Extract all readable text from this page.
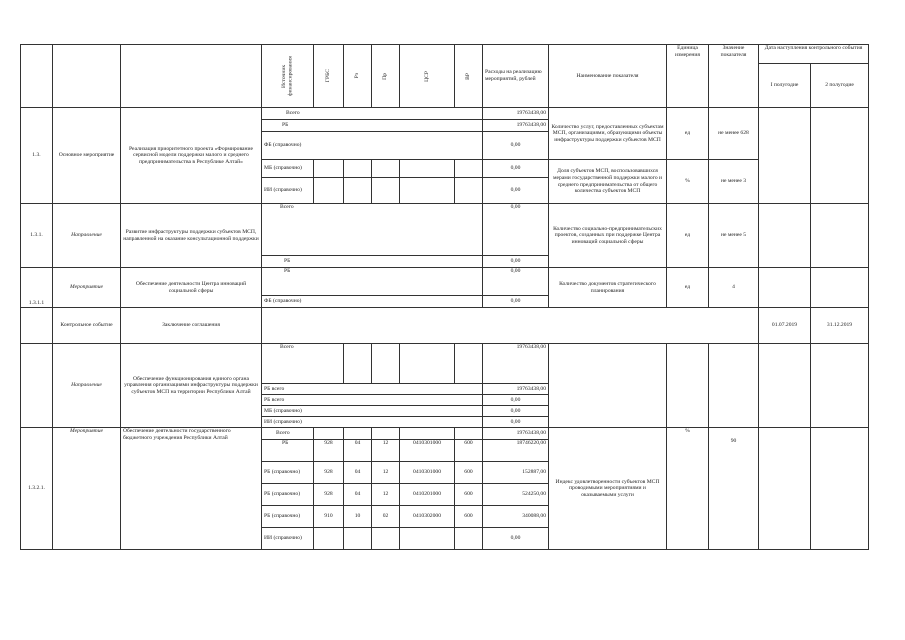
			Источник финансирования	ГРБС	Рз	Пр	ЦСР	ВР	Расходы на реализацию мероприятий, рублей	Наименование показателя	Единица измерения	Значение показателя	Дата наступления контрольного события	
													I полугодие	2 полугодие
1.3.	Основное мероприятие	Реализация приоритетного проекта «Формирование сервисной модели поддержки малого и среднего предпринимательства в Республике Алтай»	Всего						19763438,00	Количество услуг, предоставленных субъектам МСП, организациями, образующими объекты инфраструктуры поддержки субъектов МСП	ед	не менее 628		
			РБ						19763438,00					
			ФБ (справочно)						0,00					
			МБ (справочно)						0,00	Доля субъектов МСП, воспользовавшихся мерами государственной поддержки малого и среднего предпринимательства от общего количества субъектов МСП	%	не менее 3		
			ИИ (справочно)						0,00					
1.3.1.	Направление	Развитие инфраструктуры поддержки субъектов МСП, направленной на оказание консультационной поддержки	Всего						0,00	Количество социально-предпринимательских проектов, созданных при поддержке Центра инноваций социальной сферы	ед	не менее 5		
			РБ						0,00					
1.3.1.1	Мероприятие	Обеспечение деятельности Центра инноваций социальной сферы	РБ						0,00	Количество документов стратегического планирования	ед	4		
			ФБ (справочно)						0,00					
	Контрольное событие	Заключение соглашения											01.07.2019	31.12.2019
	Направление	Обеспечение функционирования единого органа управления организациями инфраструктуры поддержки субъектов МСП на территории Республики Алтай	Всего						19763438,00					
			РБ всего						19763438,00					
			РБ всего						0,00					
			МБ (справочно)						0,00					
			ИИ (справочно)						0,00					
1.3.2.1.	Мероприятие	Обеспечение деятельности государственного бюджетного учреждения Республики Алтай	Всего						19763438,00	Индекс удовлетворенности субъектов МСП проводимыми мероприятиями и оказываемыми услуги	%	90		
			РБ	928	04	12	0410301000	600	18746220,00					
			РБ (справочно)	928	04	12	0410301000	600	152887,00					
			РБ (справочно)	928	04	12	0410201000	600	524250,00					
			РБ (справочно)	910	10	02	0410302000	600	340088,00					
			ИИ (справочно)						0,00					
